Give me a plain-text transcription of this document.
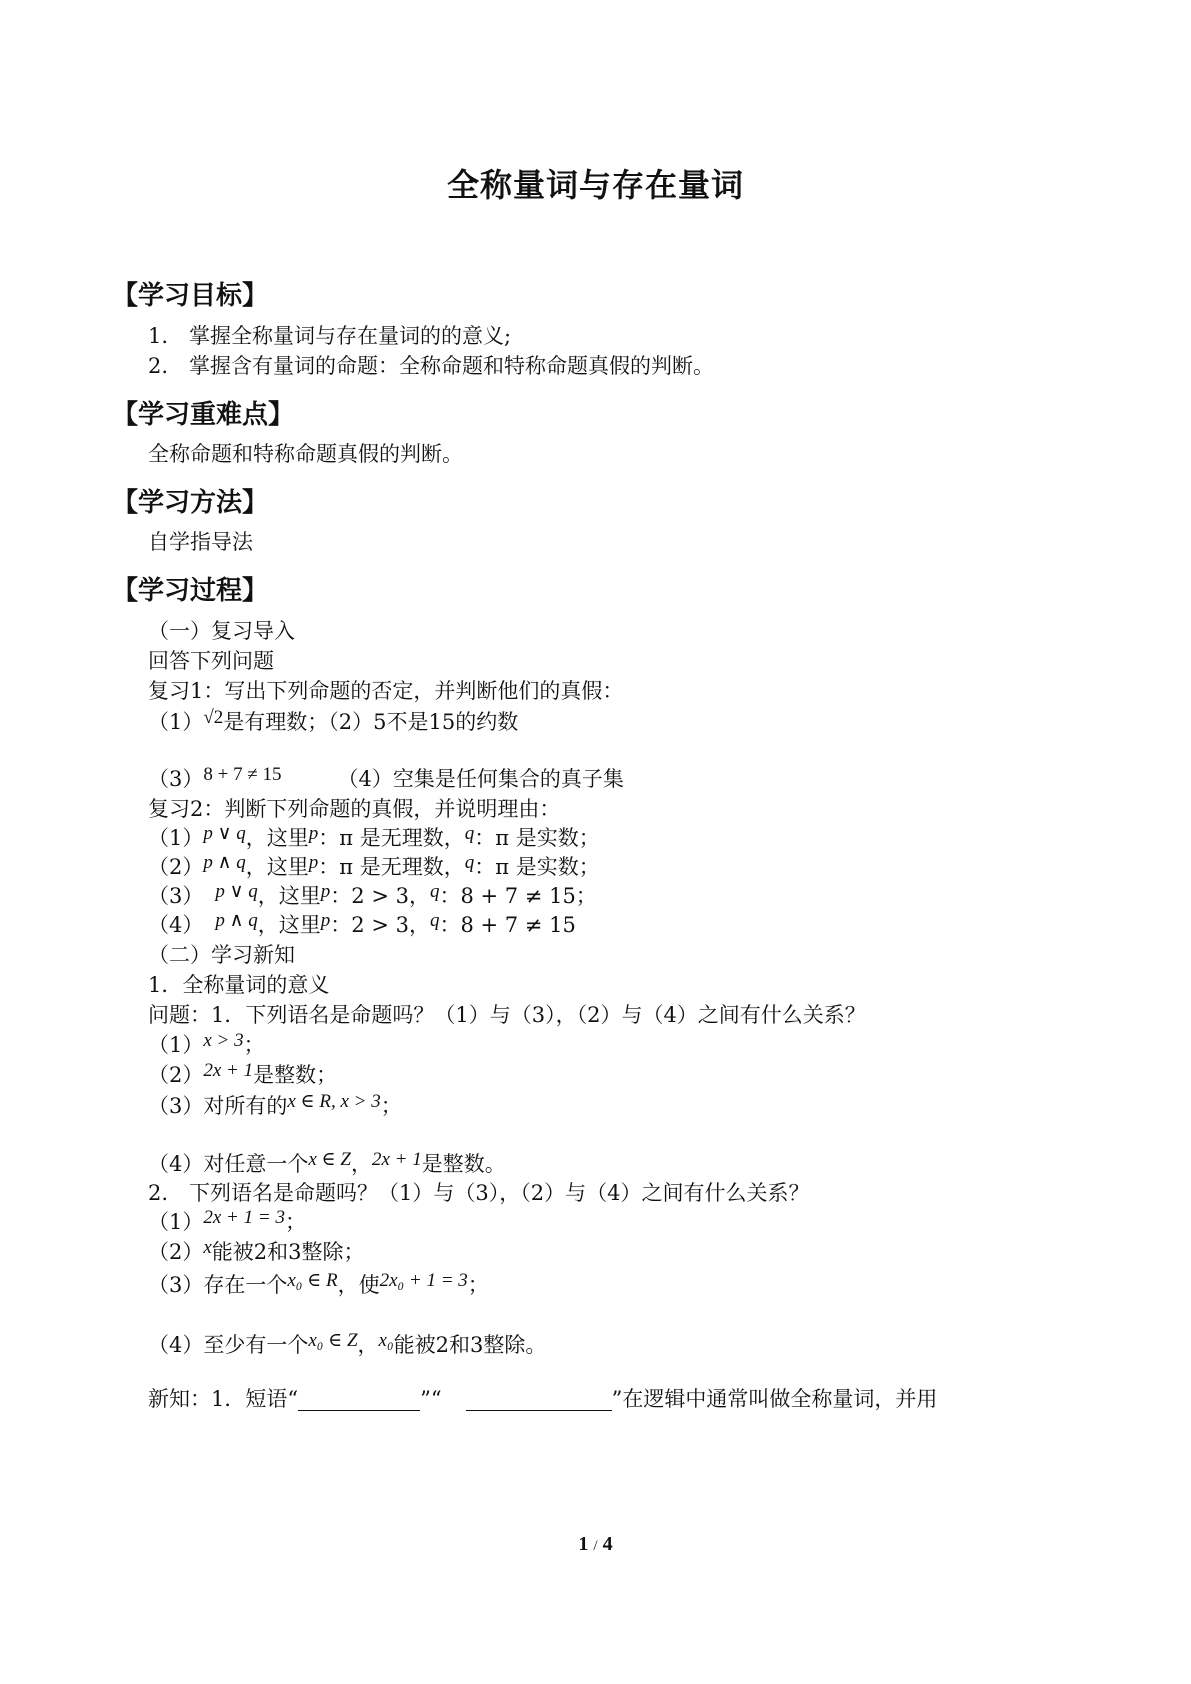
全称量词与存在量词
【学习目标】
1.　掌握全称量词与存在量词的的意义;
2.　掌握含有量词的命题：全称命题和特称命题真假的判断。
【学习重难点】
全称命题和特称命题真假的判断。
【学习方法】
自学指导法
【学习过程】
（一）复习导入
回答下列问题
复习1：写出下列命题的否定，并判断他们的真假：
（1）√2是有理数；（2）5不是15的约数
（3）8 + 7 ≠ 15	（4）空集是任何集合的真子集
复习2：判断下列命题的真假，并说明理由：
（1）p ∨ q，这里p：π 是无理数，q：π 是实数；
（2）p ∧ q，这里p：π 是无理数，q：π 是实数；
（3） p ∨ q，这里p：2 > 3，q：8 + 7 ≠ 15；
（4） p ∧ q，这里p：2 > 3，q：8 + 7 ≠ 15
（二）学习新知
1．全称量词的意义
问题：1．下列语名是命题吗？（1）与（3），（2）与（4）之间有什么关系？
（1）x > 3；
（2）2x + 1是整数；
（3）对所有的x ∈ R, x > 3；
（4）对任意一个x ∈ Z，2x + 1是整数。
2.　下列语名是命题吗？（1）与（3），（2）与（4）之间有什么关系？
（1）2x + 1 = 3；
（2）x能被2和3整除；
（3）存在一个x₀ ∈ R，使2x₀ + 1 = 3；
（4）至少有一个x₀ ∈ Z，x₀能被2和3整除。
新知：1．短语“	”“	”在逻辑中通常叫做全称量词，并用
1 / 4
